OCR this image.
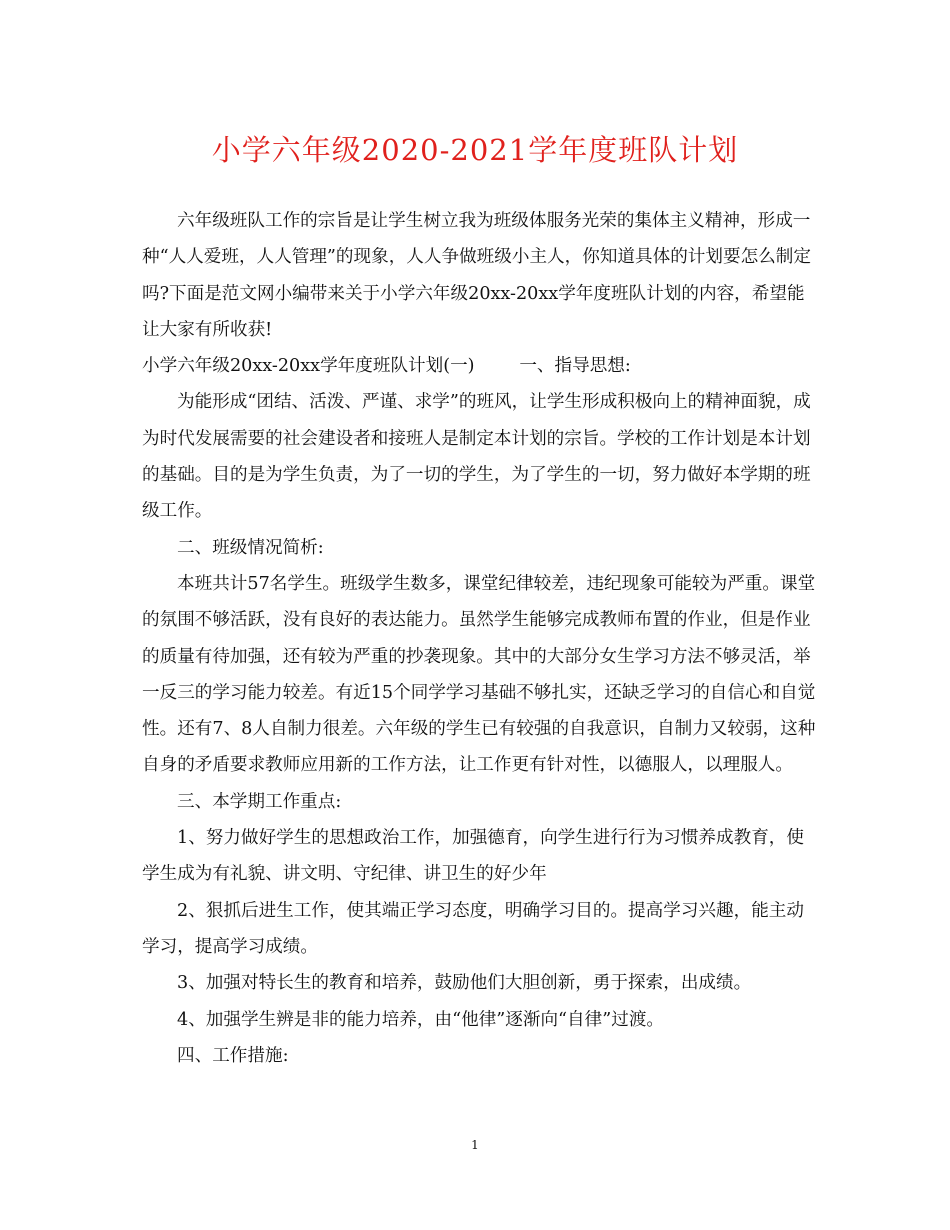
小学六年级2020-2021学年度班队计划

六年级班队工作的宗旨是让学生树立我为班级体服务光荣的集体主义精神，形成一种“人人爱班，人人管理”的现象，人人争做班级小主人，你知道具体的计划要怎么制定吗?下面是范文网小编带来关于小学六年级20xx-20xx学年度班队计划的内容，希望能让大家有所收获!

小学六年级20xx-20xx学年度班队计划(一)	一、指导思想:

为能形成“团结、活泼、严谨、求学”的班风，让学生形成积极向上的精神面貌，成为时代发展需要的社会建设者和接班人是制定本计划的宗旨。学校的工作计划是本计划的基础。目的是为学生负责，为了一切的学生，为了学生的一切，努力做好本学期的班级工作。

二、班级情况简析:

本班共计57名学生。班级学生数多，课堂纪律较差，违纪现象可能较为严重。课堂的氛围不够活跃，没有良好的表达能力。虽然学生能够完成教师布置的作业，但是作业的质量有待加强，还有较为严重的抄袭现象。其中的大部分女生学习方法不够灵活，举一反三的学习能力较差。有近15个同学学习基础不够扎实，还缺乏学习的自信心和自觉性。还有7、8人自制力很差。六年级的学生已有较强的自我意识，自制力又较弱，这种自身的矛盾要求教师应用新的工作方法，让工作更有针对性，以德服人，以理服人。

三、本学期工作重点:

1、努力做好学生的思想政治工作，加强德育，向学生进行行为习惯养成教育，使学生成为有礼貌、讲文明、守纪律、讲卫生的好少年

2、狠抓后进生工作，使其端正学习态度，明确学习目的。提高学习兴趣，能主动学习，提高学习成绩。

3、加强对特长生的教育和培养，鼓励他们大胆创新，勇于探索，出成绩。

4、加强学生辨是非的能力培养，由“他律”逐渐向“自律”过渡。

四、工作措施:

1
